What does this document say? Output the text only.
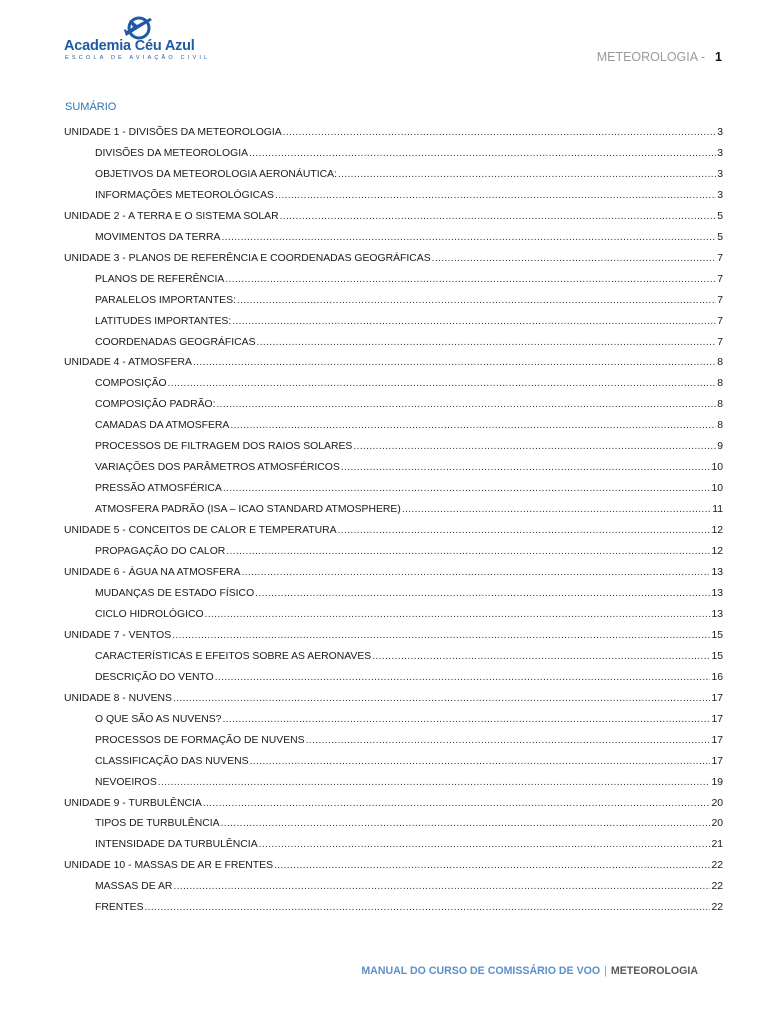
Academia Céu Azul
ESCOLA DE AVIAÇÃO CIVIL	METEOROLOGIA - 1
SUMÁRIO
UNIDADE 1 - DIVISÕES DA METEOROLOGIA .....	3
DIVISÕES DA METEOROLOGIA .....	3
OBJETIVOS DA METEOROLOGIA AERONÁUTICA: .....	3
INFORMAÇÕES METEOROLÓGICAS .....	3
UNIDADE 2 - A TERRA E O SISTEMA SOLAR .....	5
MOVIMENTOS DA TERRA .....	5
UNIDADE 3 - PLANOS DE REFERÊNCIA E COORDENADAS GEOGRÁFICAS .....	7
PLANOS DE REFERÊNCIA .....	7
PARALELOS IMPORTANTES: .....	7
LATITUDES IMPORTANTES: .....	7
COORDENADAS GEOGRÁFICAS .....	7
UNIDADE 4 - ATMOSFERA .....	8
COMPOSIÇÃO .....	8
COMPOSIÇÃO PADRÃO: .....	8
CAMADAS DA ATMOSFERA .....	8
PROCESSOS DE FILTRAGEM DOS RAIOS SOLARES .....	9
VARIAÇÕES DOS PARÂMETROS ATMOSFÉRICOS .....	10
PRESSÃO ATMOSFÉRICA .....	10
ATMOSFERA PADRÃO (ISA – ICAO STANDARD ATMOSPHERE) .....	11
UNIDADE 5 - CONCEITOS DE CALOR E TEMPERATURA .....	12
PROPAGAÇÃO DO CALOR .....	12
UNIDADE 6 - ÁGUA NA ATMOSFERA .....	13
MUDANÇAS DE ESTADO FÍSICO .....	13
CICLO HIDROLÓGICO .....	13
UNIDADE 7 - VENTOS .....	15
CARACTERÍSTICAS E EFEITOS SOBRE AS AERONAVES .....	15
DESCRIÇÃO DO VENTO .....	16
UNIDADE 8 - NUVENS .....	17
O QUE SÃO AS NUVENS? .....	17
PROCESSOS DE FORMAÇÃO DE NUVENS .....	17
CLASSIFICAÇÃO DAS NUVENS .....	17
NEVOEIROS .....	19
UNIDADE 9 - TURBULÊNCIA .....	20
TIPOS DE TURBULÊNCIA .....	20
INTENSIDADE DA TURBULÊNCIA .....	21
UNIDADE 10 - MASSAS DE AR E FRENTES .....	22
MASSAS DE AR .....	22
FRENTES .....	22
MANUAL DO CURSO DE COMISSÁRIO DE VOO | METEOROLOGIA
